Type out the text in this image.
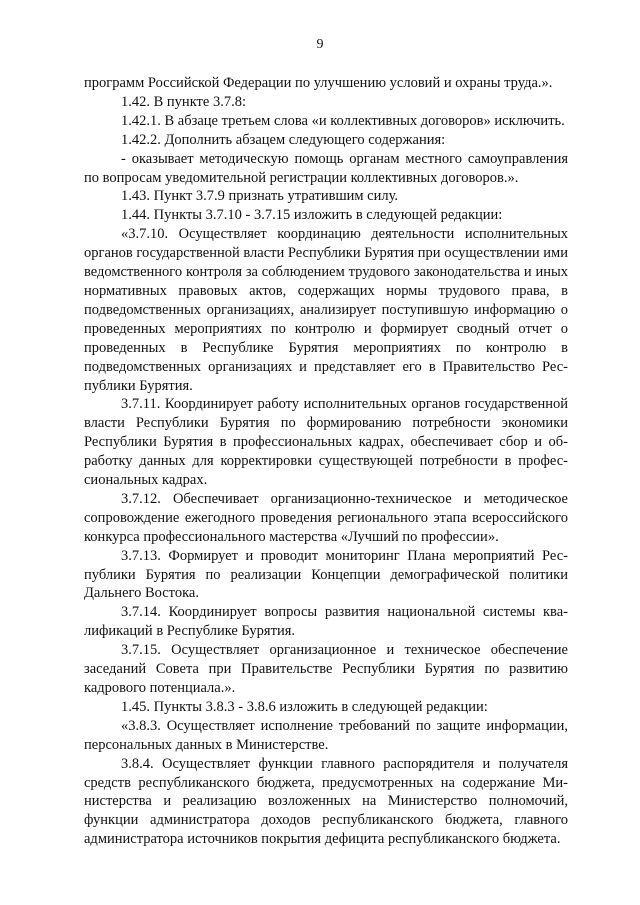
9

программ Российской Федерации по улучшению условий и охраны труда.».

1.42. В пункте 3.7.8:

1.42.1. В абзаце третьем слова «и коллективных договоров» исключить.

1.42.2. Дополнить абзацем следующего содержания:

- оказывает методическую помощь органам местного самоуправления по вопросам уведомительной регистрации коллективных договоров.».

1.43. Пункт 3.7.9 признать утратившим силу.

1.44. Пункты 3.7.10 - 3.7.15 изложить в следующей редакции:

«3.7.10. Осуществляет координацию деятельности исполнительных органов государственной власти Республики Бурятия при осуществлении ими ведомственного контроля за соблюдением трудового законодательства и иных нормативных правовых актов, содержащих нормы трудового права, в подведомственных организациях, анализирует поступившую информацию о проведенных мероприятиях по контролю и формирует сводный отчет о проведенных в Республике Бурятия мероприятиях по контролю в подведомственных организациях и представляет его в Правительство Республики Бурятия.

3.7.11. Координирует работу исполнительных органов государственной власти Республики Бурятия по формированию потребности экономики Республики Бурятия в профессиональных кадрах, обеспечивает сбор и обработку данных для корректировки существующей потребности в профессиональных кадрах.

3.7.12. Обеспечивает организационно-техническое и методическое сопровождение ежегодного проведения регионального этапа всероссийского конкурса профессионального мастерства «Лучший по профессии».

3.7.13. Формирует и проводит мониторинг Плана мероприятий Республики Бурятия по реализации Концепции демографической политики Дальнего Востока.

3.7.14. Координирует вопросы развития национальной системы квалификаций в Республике Бурятия.

3.7.15. Осуществляет организационное и техническое обеспечение заседаний Совета при Правительстве Республики Бурятия по развитию кадрового потенциала.».

1.45. Пункты 3.8.3 - 3.8.6 изложить в следующей редакции:

«3.8.3. Осуществляет исполнение требований по защите информации, персональных данных в Министерстве.

3.8.4. Осуществляет функции главного распорядителя и получателя средств республиканского бюджета, предусмотренных на содержание Министерства и реализацию возложенных на Министерство полномочий, функции администратора доходов республиканского бюджета, главного администратора источников покрытия дефицита республиканского бюджета.
